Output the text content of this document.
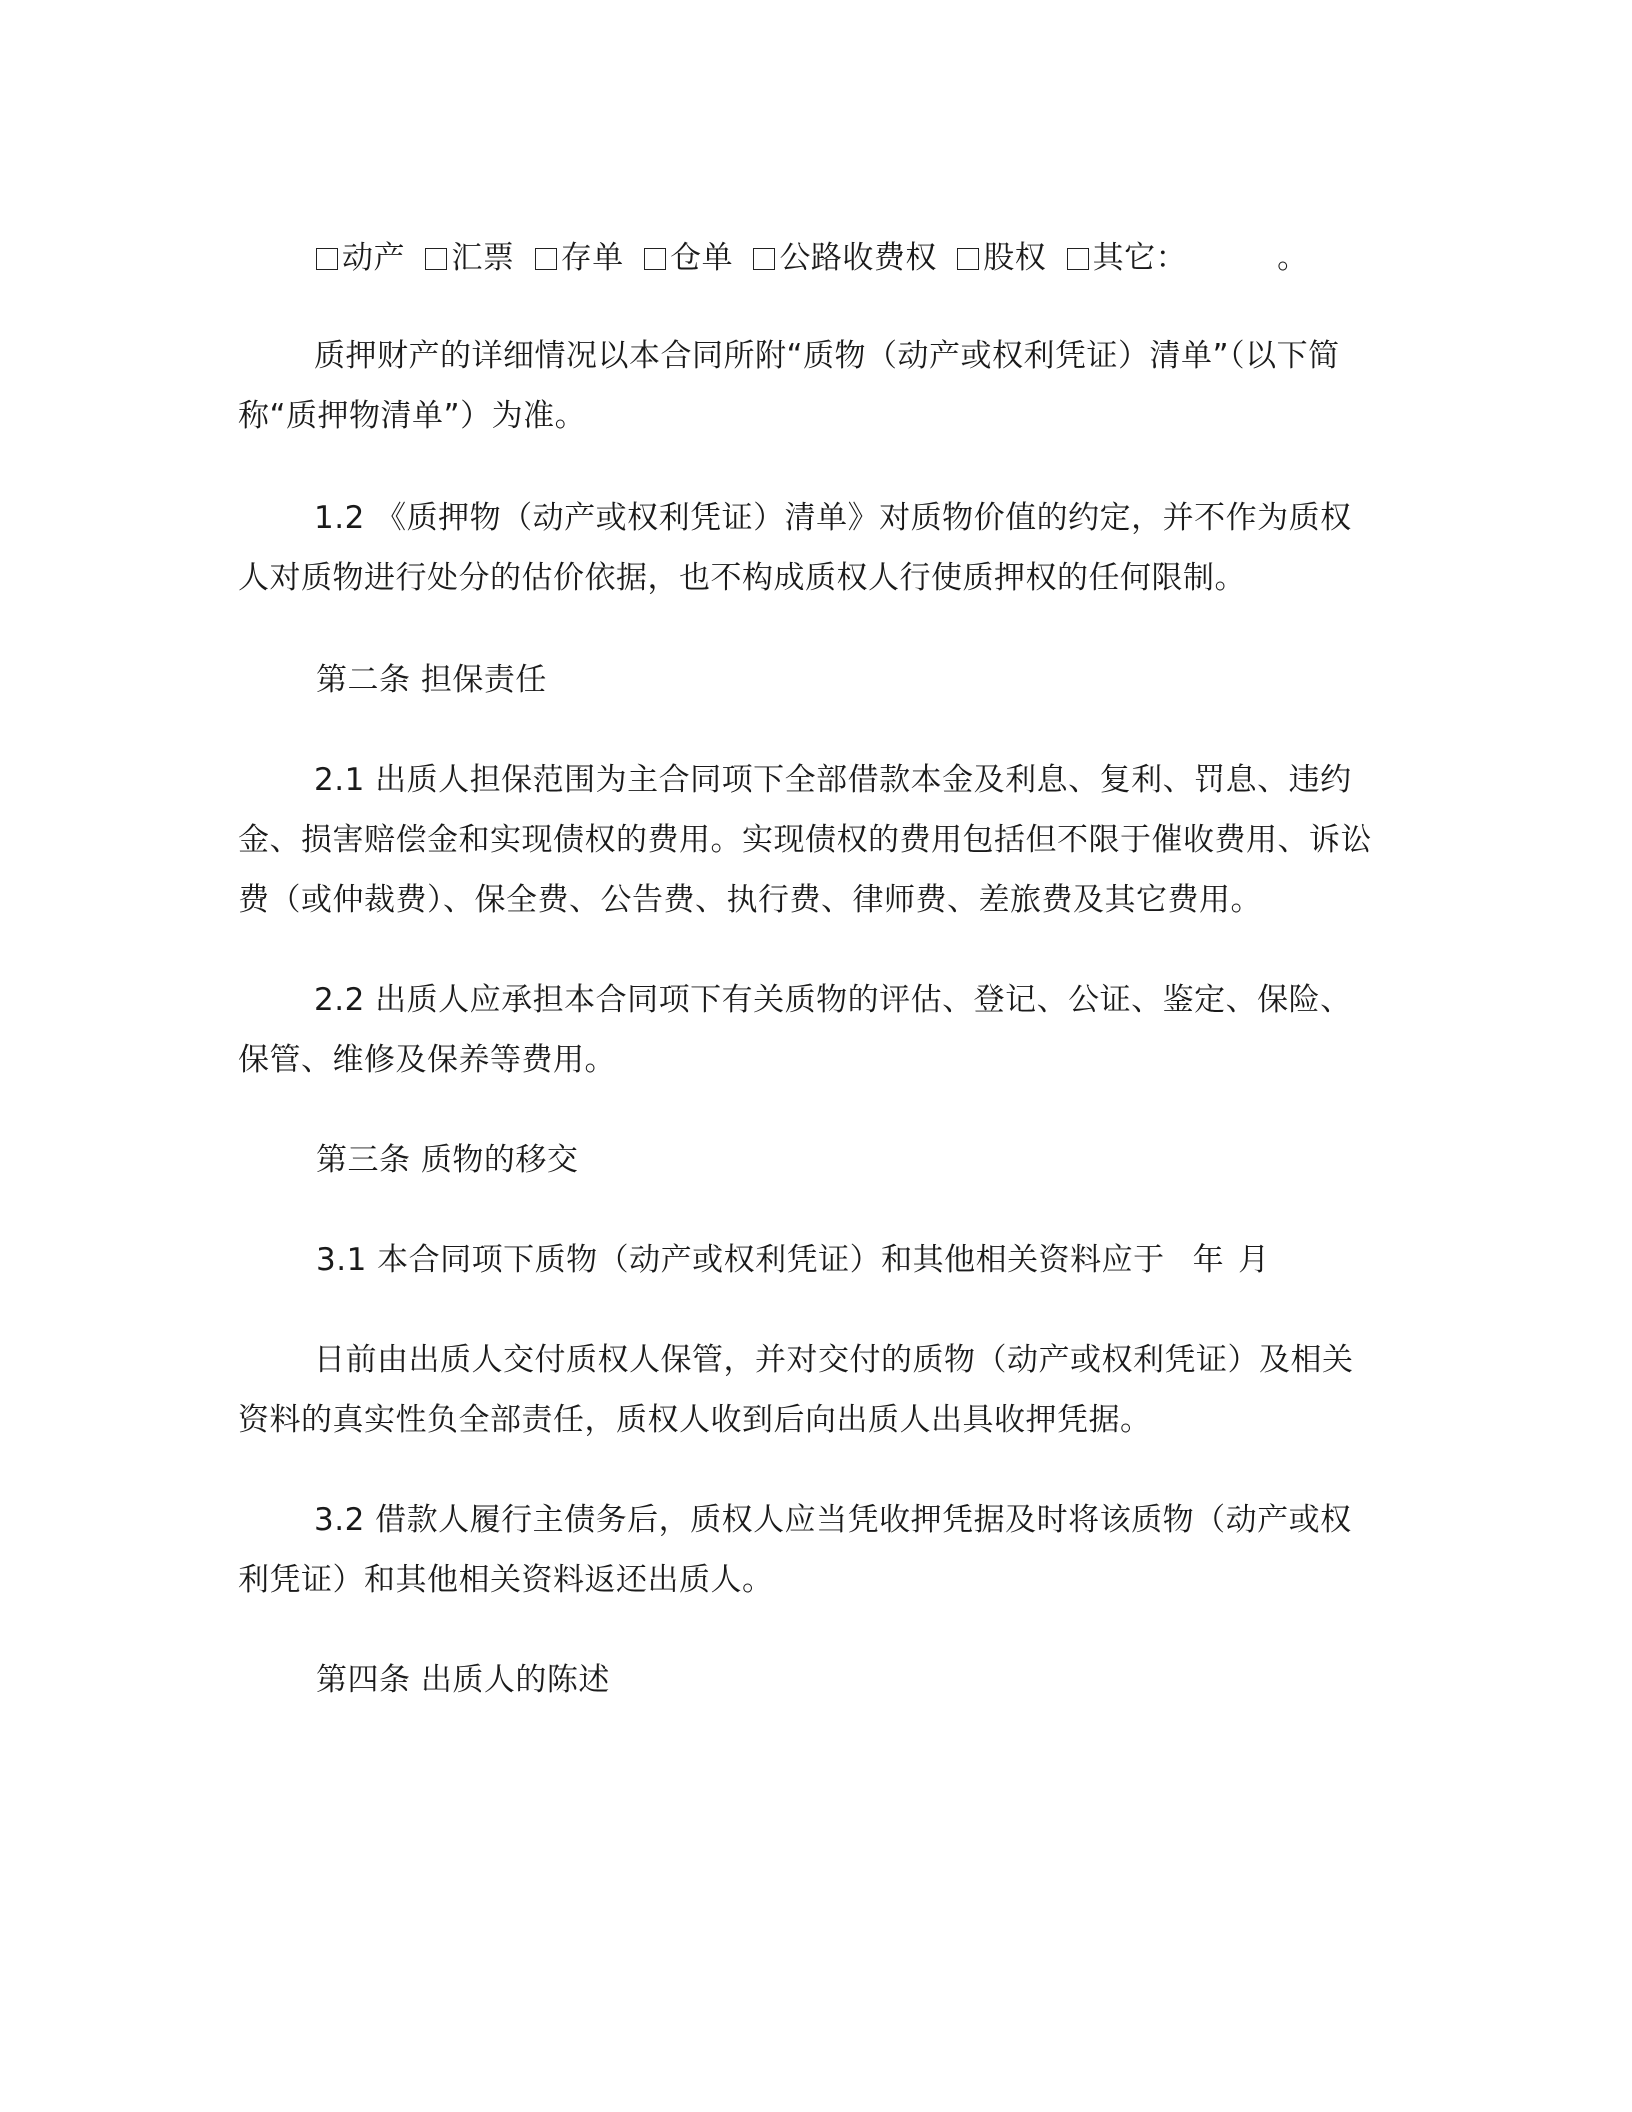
动产 汇票 存单 仓单 公路收费权 股权 其它：	。

质押财产的详细情况以本合同所附“质物（动产或权利凭证）清单”（以下简称“质押物清单”）为准。

1.2 《质押物（动产或权利凭证）清单》对质物价值的约定，并不作为质权人对质物进行处分的估价依据，也不构成质权人行使质押权的任何限制。

第二条 担保责任

2.1 出质人担保范围为主合同项下全部借款本金及利息、复利、罚息、违约金、损害赔偿金和实现债权的费用。实现债权的费用包括但不限于催收费用、诉讼费（或仲裁费）、保全费、公告费、执行费、律师费、差旅费及其它费用。

2.2 出质人应承担本合同项下有关质物的评估、登记、公证、鉴定、保险、保管、维修及保养等费用。

第三条 质物的移交

3.1 本合同项下质物（动产或权利凭证）和其他相关资料应于 年 月

日前由出质人交付质权人保管，并对交付的质物（动产或权利凭证）及相关资料的真实性负全部责任，质权人收到后向出质人出具收押凭据。

3.2 借款人履行主债务后，质权人应当凭收押凭据及时将该质物（动产或权利凭证）和其他相关资料返还出质人。

第四条 出质人的陈述
